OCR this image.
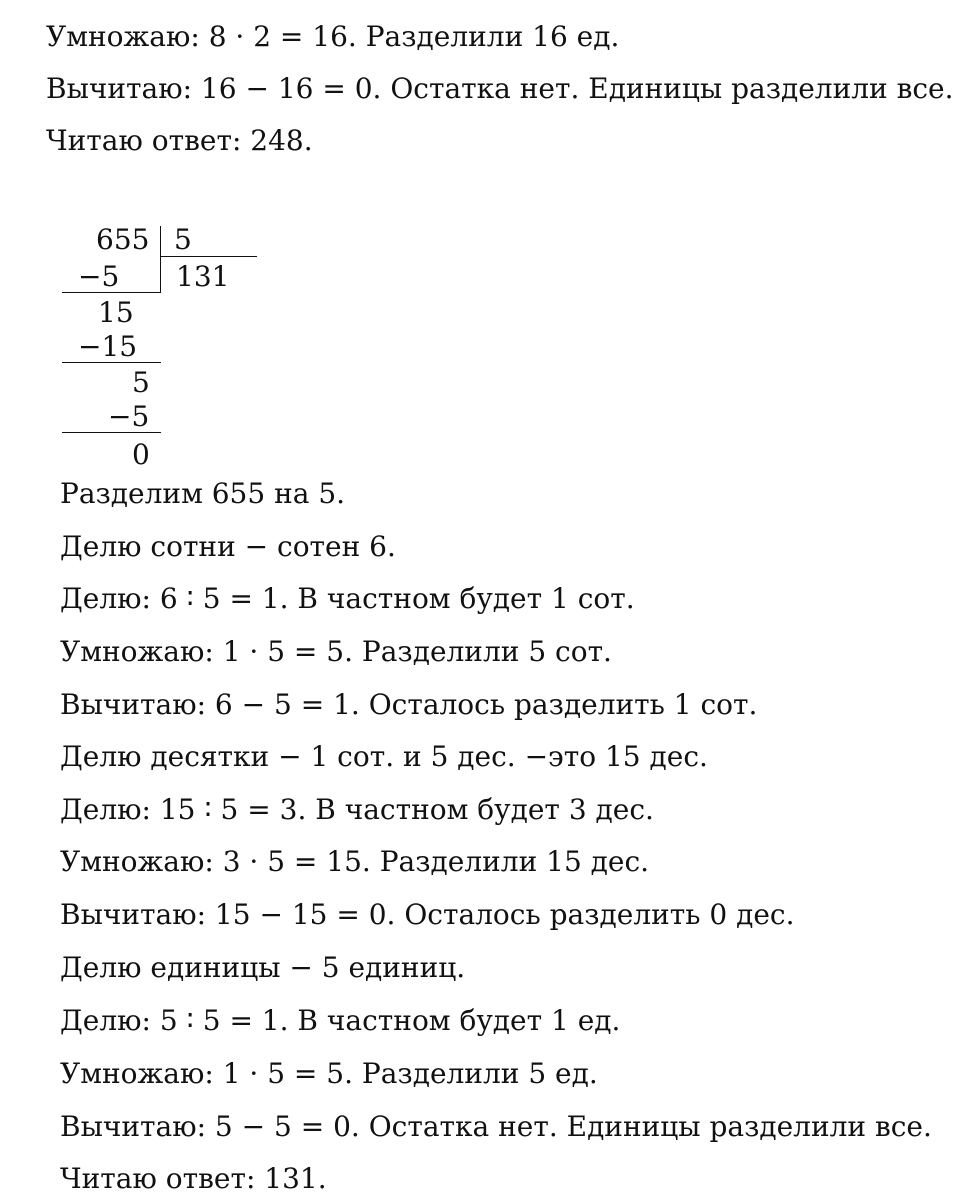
Умножаю: 8 · 2 = 16. Разделили 16 ед.
Вычитаю: 16 − 16 = 0. Остатка нет. Единицы разделили все.
Читаю ответ: 248.
655 5
131
−5
15
−15
5
−5
0
Разделим 655 на 5.
Делю сотни − сотен 6.
Делю: 6 ∶ 5 = 1. В частном будет 1 сот.
Умножаю: 1 · 5 = 5. Разделили 5 сот.
Вычитаю: 6 − 5 = 1. Осталось разделить 1 сот.
Делю десятки − 1 сот. и 5 дес. −это 15 дес.
Делю: 15 ∶ 5 = 3. В частном будет 3 дес.
Умножаю: 3 · 5 = 15. Разделили 15 дес.
Вычитаю: 15 − 15 = 0. Осталось разделить 0 дес.
Делю единицы − 5 единиц.
Делю: 5 ∶ 5 = 1. В частном будет 1 ед.
Умножаю: 1 · 5 = 5. Разделили 5 ед.
Вычитаю: 5 − 5 = 0. Остатка нет. Единицы разделили все.
Читаю ответ: 131.
